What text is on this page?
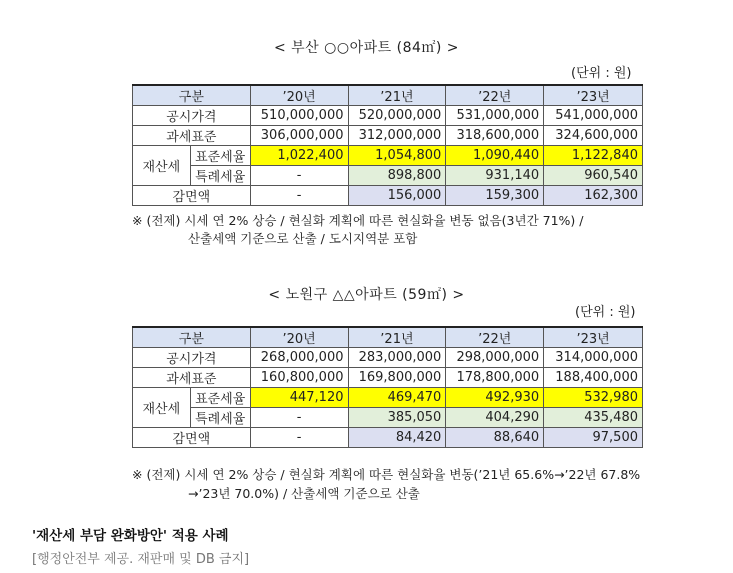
< 부산 ○○아파트 (84㎡) >
(단위 : 원)
구분		’20년	’21년	’22년	’23년
공시가격		510,000,000	520,000,000	531,000,000	541,000,000
과세표준		306,000,000	312,000,000	318,600,000	324,600,000
재산세	표준세율	1,022,400	1,054,800	1,090,440	1,122,840
	특례세율	-	898,800	931,140	960,540
감면액		-	156,000	159,300	162,300
※ (전제) 시세 연 2% 상승 / 현실화 계획에 따른 현실화율 변동 없음(3년간 71%) /
산출세액 기준으로 산출 / 도시지역분 포함
< 노원구 △△아파트 (59㎡) >
(단위 : 원)
구분		’20년	’21년	’22년	’23년
공시가격		268,000,000	283,000,000	298,000,000	314,000,000
과세표준		160,800,000	169,800,000	178,800,000	188,400,000
재산세	표준세율	447,120	469,470	492,930	532,980
	특례세율	-	385,050	404,290	435,480
감면액		-	84,420	88,640	97,500
※ (전제) 시세 연 2% 상승 / 현실화 계획에 따른 현실화율 변동(’21년 65.6%→’22년 67.8%
→’23년 70.0%) / 산출세액 기준으로 산출
'재산세 부담 완화방안' 적용 사례
[행정안전부 제공. 재판매 및 DB 금지]
